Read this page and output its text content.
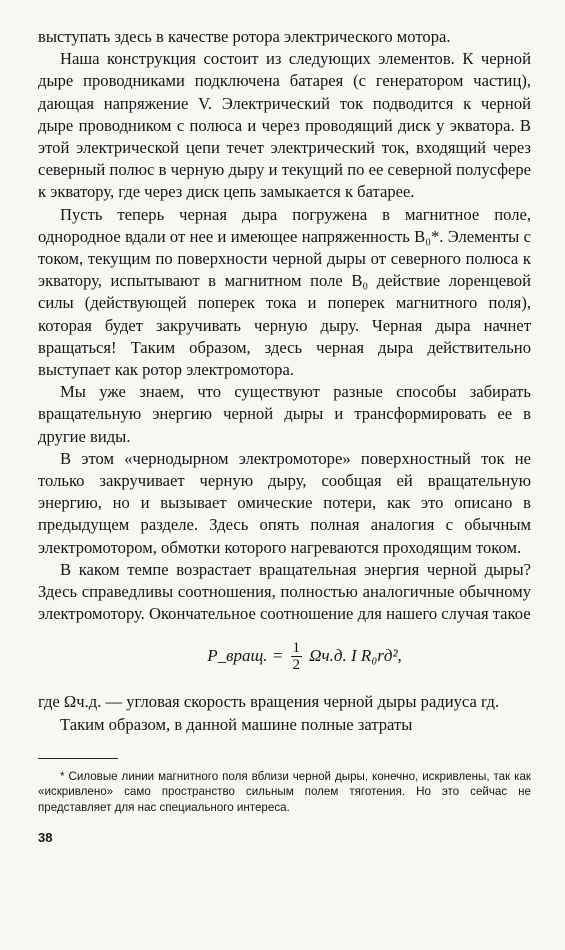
выступать здесь в качестве ротора электрического мотора.

Наша конструкция состоит из следующих элементов. К черной дыре проводниками подключена батарея (с генератором частиц), дающая напряжение V. Электрический ток подводится к черной дыре проводником с полюса и через проводящий диск у экватора. В этой электрической цепи течет электрический ток, входящий через северный полюс в черную дыру и текущий по ее северной полусфере к экватору, где через диск цепь замыкается к батарее.

Пусть теперь черная дыра погружена в магнитное поле, однородное вдали от нее и имеющее напряженность B₀*. Элементы с током, текущим по поверхности черной дыры от северного полюса к экватору, испытывают в магнитном поле B₀ действие лоренцевой силы (действующей поперек тока и поперек магнитного поля), которая будет закручивать черную дыру. Черная дыра начнет вращаться! Таким образом, здесь черная дыра действительно выступает как ротор электромотора.

Мы уже знаем, что существуют разные способы забирать вращательную энергию черной дыры и трансформировать ее в другие виды.

В этом «чернодырном электромоторе» поверхностный ток не только закручивает черную дыру, сообщая ей вращательную энергию, но и вызывает омические потери, как это описано в предыдущем разделе. Здесь опять полная аналогия с обычным электромотором, обмотки которого нагреваются проходящим током.

В каком темпе возрастает вращательная энергия черной дыры? Здесь справедливы соотношения, полностью аналогичные обычному электромотору. Окончательное соотношение для нашего случая такое

P_вращ. = $\frac{1}{2} \Omega ч.д$. I R₀rд²,

где Ωч.д. — угловая скорость вращения черной дыры радиуса rд.

Таким образом, в данной машине полные затраты

* Силовые линии магнитного поля вблизи черной дыры, конечно, искривлены, так как «искривлено» само пространство сильным полем тяготения. Но это сейчас не представляет для нас специального интереса.
38
